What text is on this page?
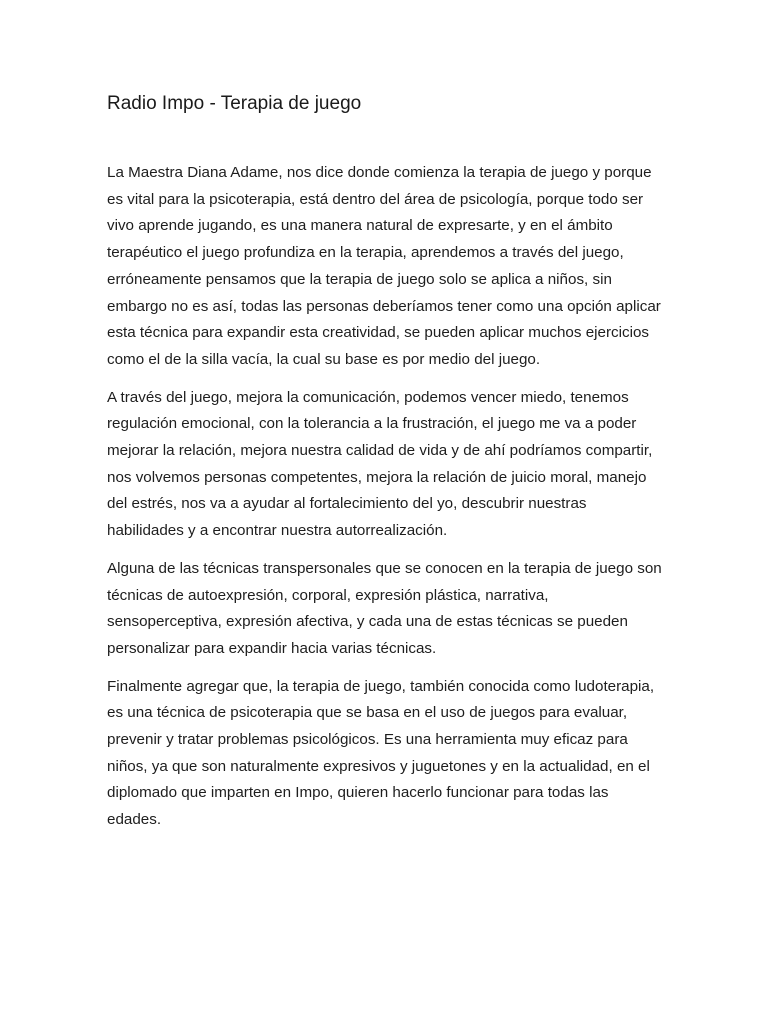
Radio Impo - Terapia de juego

La Maestra Diana Adame, nos dice donde comienza la terapia de juego y porque es vital para la psicoterapia, está dentro del área de psicología, porque todo ser vivo aprende jugando, es una manera natural de expresarte, y en el ámbito terapéutico el juego profundiza en la terapia, aprendemos a través del juego, erróneamente pensamos que la terapia de juego solo se aplica a niños, sin embargo no es así, todas las personas deberíamos tener como una opción aplicar esta técnica para expandir esta creatividad, se pueden aplicar muchos ejercicios como el de la silla vacía, la cual su base es por medio del juego.

A través del juego, mejora la comunicación, podemos vencer miedo, tenemos regulación emocional, con la tolerancia a la frustración, el juego me va a poder mejorar la relación, mejora nuestra calidad de vida y de ahí podríamos compartir, nos volvemos personas competentes, mejora la relación de juicio moral, manejo del estrés, nos va a ayudar al fortalecimiento del yo, descubrir nuestras habilidades y a encontrar nuestra autorrealización.

Alguna de las técnicas transpersonales que se conocen en la terapia de juego son técnicas de autoexpresión, corporal, expresión plástica, narrativa, sensoperceptiva, expresión afectiva, y cada una de estas técnicas se pueden personalizar para expandir hacia varias técnicas.

Finalmente agregar que, la terapia de juego, también conocida como ludoterapia, es una técnica de psicoterapia que se basa en el uso de juegos para evaluar, prevenir y tratar problemas psicológicos. Es una herramienta muy eficaz para niños, ya que son naturalmente expresivos y juguetones y en la actualidad, en el diplomado que imparten en Impo, quieren hacerlo funcionar para todas las edades.
